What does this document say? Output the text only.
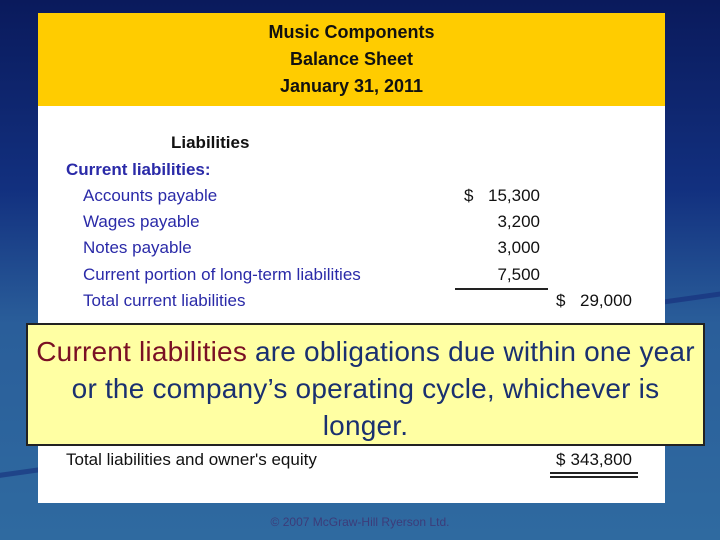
Music Components
Balance Sheet
January 31, 2011
Liabilities
Current liabilities:
Accounts payable	$ 15,300
Wages payable	3,200
Notes payable	3,000
Current portion of long-term liabilities	7,500
Total current liabilities	$ 29,000
Total liabilities and owner's equity	$ 343,800
Current liabilities are obligations due within one year or the company’s operating cycle, whichever is longer.
© 2007 McGraw-Hill Ryerson Ltd.
